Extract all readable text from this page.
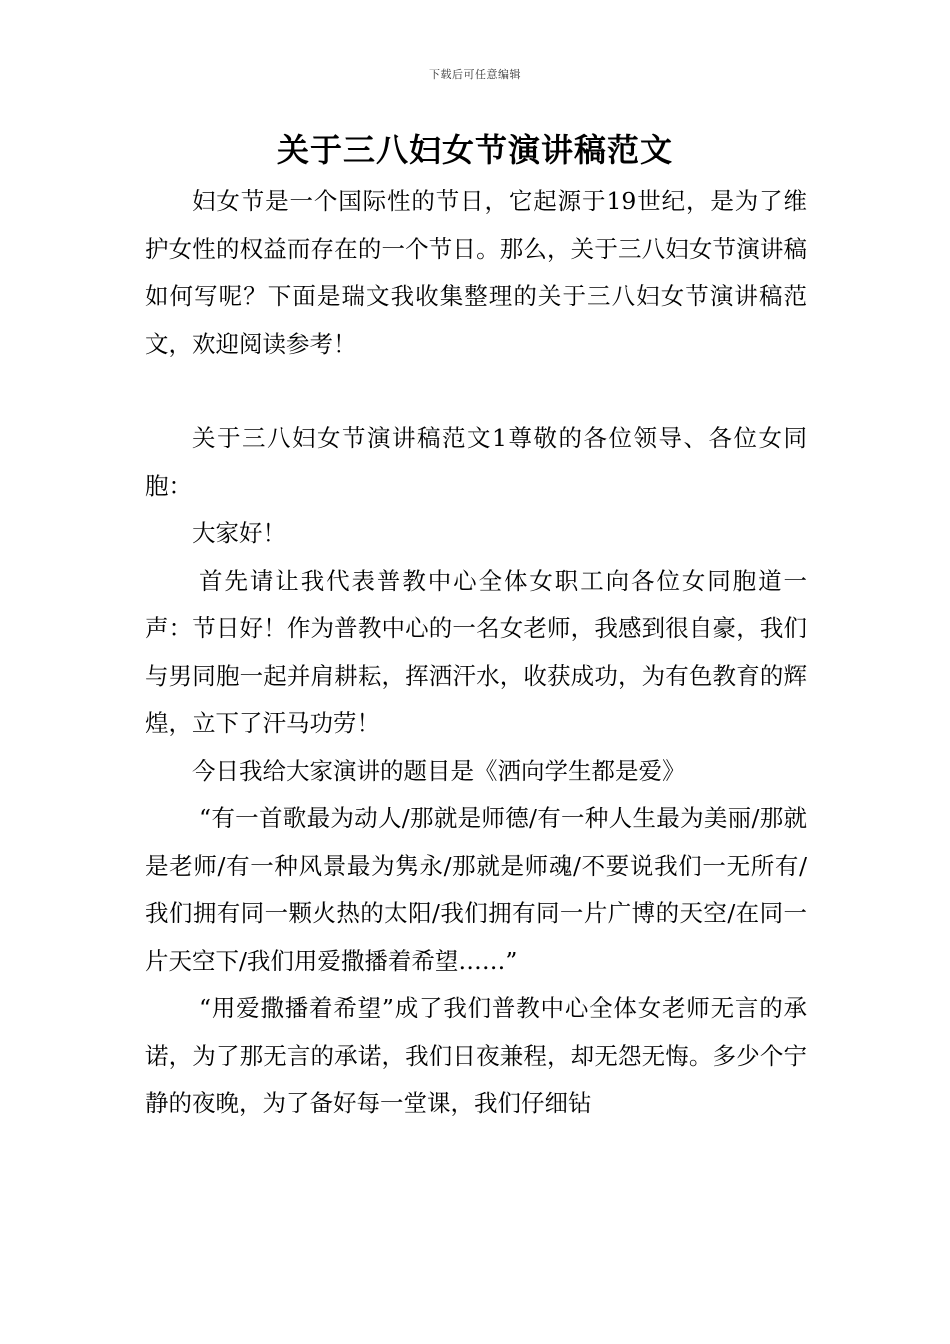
下载后可任意编辑
关于三八妇女节演讲稿范文

妇女节是一个国际性的节日，它起源于19世纪，是为了维护女性的权益而存在的一个节日。那么，关于三八妇女节演讲稿如何写呢？下面是瑞文我收集整理的关于三八妇女节演讲稿范文，欢迎阅读参考！

关于三八妇女节演讲稿范文1尊敬的各位领导、各位女同胞：

大家好！

首先请让我代表普教中心全体女职工向各位女同胞道一声：节日好！作为普教中心的一名女老师，我感到很自豪，我们与男同胞一起并肩耕耘，挥洒汗水，收获成功，为有色教育的辉煌，立下了汗马功劳！

今日我给大家演讲的题目是《洒向学生都是爱》

“有一首歌最为动人/那就是师德/有一种人生最为美丽/那就是老师/有一种风景最为隽永/那就是师魂/不要说我们一无所有/我们拥有同一颗火热的太阳/我们拥有同一片广博的天空/在同一片天空下/我们用爱撒播着希望……”

“用爱撒播着希望”成了我们普教中心全体女老师无言的承诺，为了那无言的承诺，我们日夜兼程，却无怨无悔。多少个宁静的夜晚，为了备好每一堂课，我们仔细钻
